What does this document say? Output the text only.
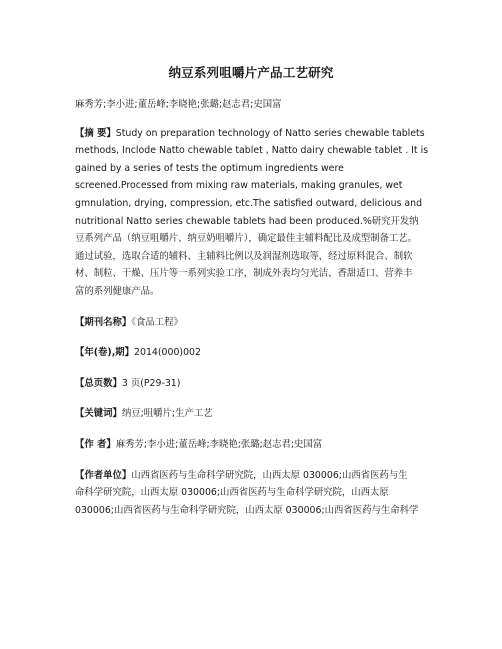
纳豆系列咀嚼片产品工艺研究
麻秀芳;李小进;董岳峰;李晓艳;张璐;赵志君;史国富
【摘 要】Study on preparation technology of Natto series chewable tablets
methods, Inclode Natto chewable tablet , Natto dairy chewable tablet . It is
gained by a series of tests the optimum ingredients were
screened.Processed from mixing raw materials, making granules, wet
gmnulation, drying, compression, etc.The satisfied outward, delicious and
nutritional Natto series chewable tablets had been produced.%研究开发纳
豆系列产品（纳豆咀嚼片、纳豆奶咀嚼片），确定最佳主辅料配比及成型制备工艺。
通过试验，选取合适的辅料、主辅料比例以及润湿剂选取等，经过原料混合、制软
材、制粒、干燥、压片等一系列实验工序，制成外表均匀光洁、香甜适口、营养丰
富的系列健康产品。
【期刊名称】《食品工程》
【年(卷),期】2014(000)002
【总页数】3 页(P29-31)
【关键词】纳豆;咀嚼片;生产工艺
【作 者】麻秀芳;李小进;董岳峰;李晓艳;张璐;赵志君;史国富
【作者单位】山西省医药与生命科学研究院，山西太原 030006;山西省医药与生
命科学研究院，山西太原 030006;山西省医药与生命科学研究院，山西太原
030006;山西省医药与生命科学研究院，山西太原 030006;山西省医药与生命科学
